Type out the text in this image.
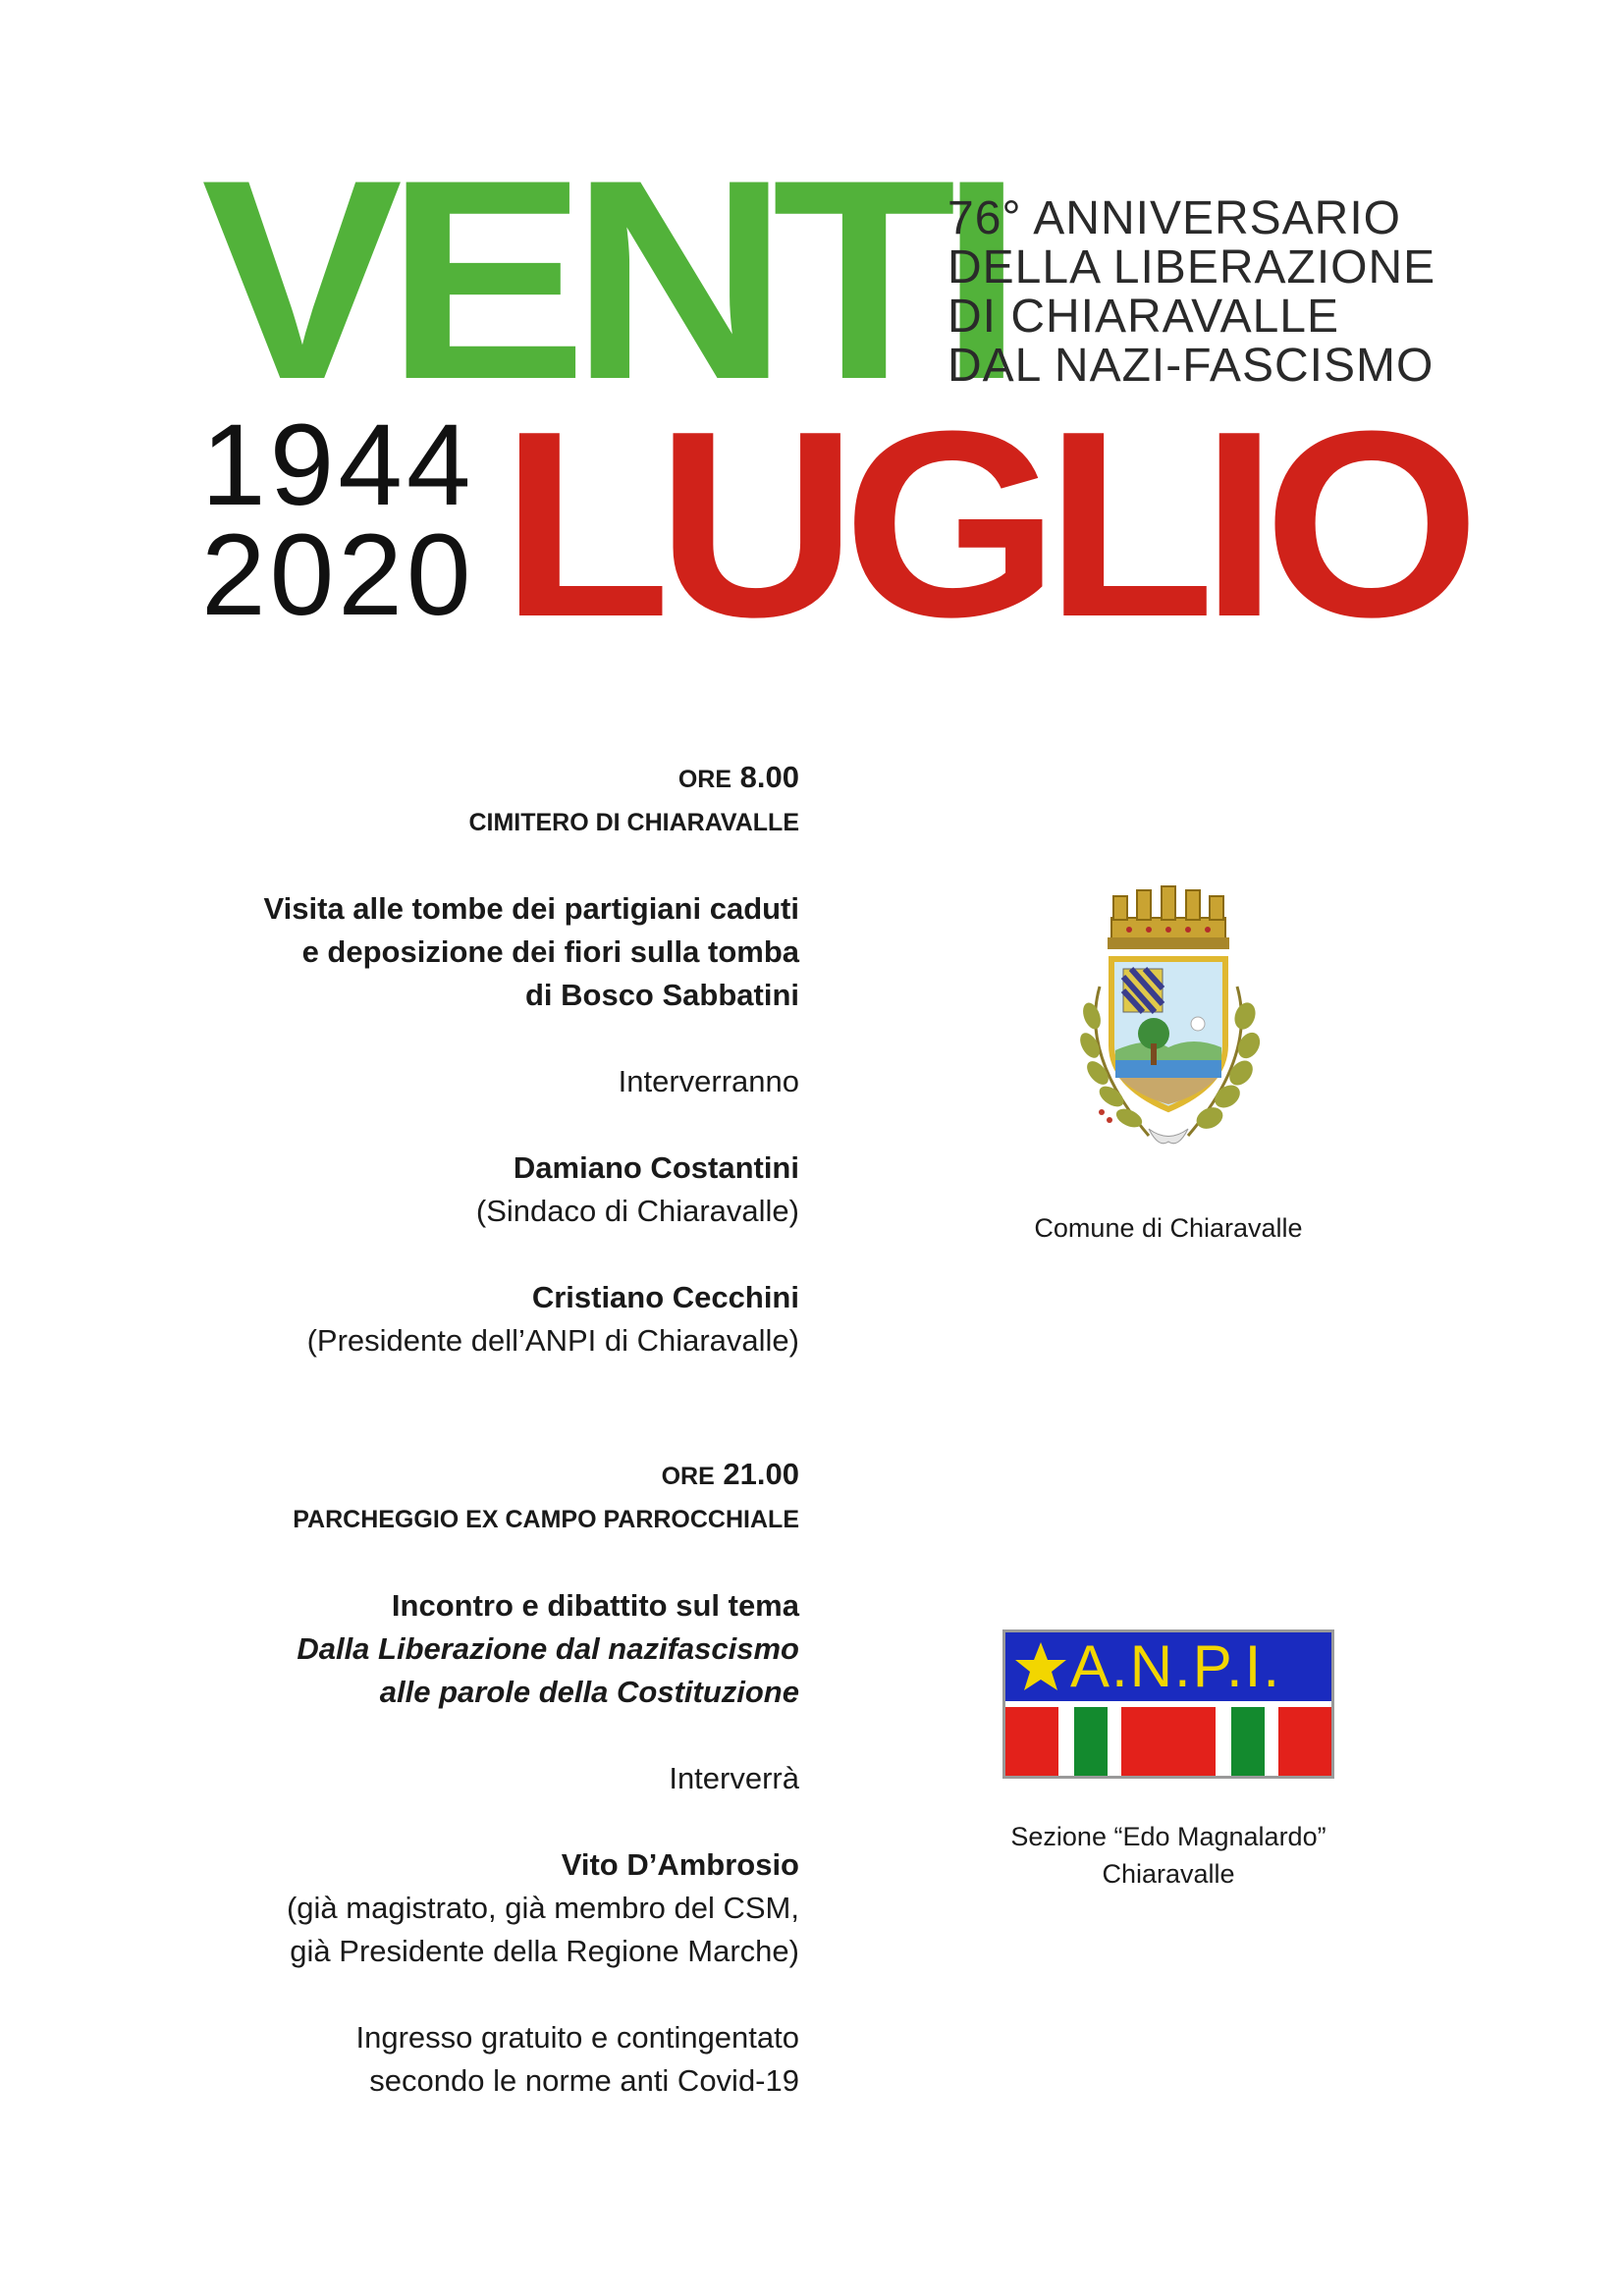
VENTI
76° ANNIVERSARIO
DELLA LIBERAZIONE
DI CHIARAVALLE
DAL NAZI-FASCISMO
1944
2020 LUGLIO
ORE 8.00
CIMITERO DI CHIARAVALLE
Visita alle tombe dei partigiani caduti
e deposizione dei fiori sulla tomba
di Bosco Sabbatini
Interverranno
Damiano Costantini
(Sindaco di Chiaravalle)
Cristiano Cecchini
(Presidente dell’ANPI di Chiaravalle)
ORE 21.00
PARCHEGGIO EX CAMPO PARROCCHIALE
Incontro e dibattito sul tema
Dalla Liberazione dal nazifascismo
alle parole della Costituzione
Interverrà
Vito D’Ambrosio
(già magistrato, già membro del CSM,
già Presidente della Regione Marche)
Ingresso gratuito e contingentato
secondo le norme anti Covid-19
Comune di Chiaravalle
A.N.P.I.
Sezione “Edo Magnalardo”
Chiaravalle
